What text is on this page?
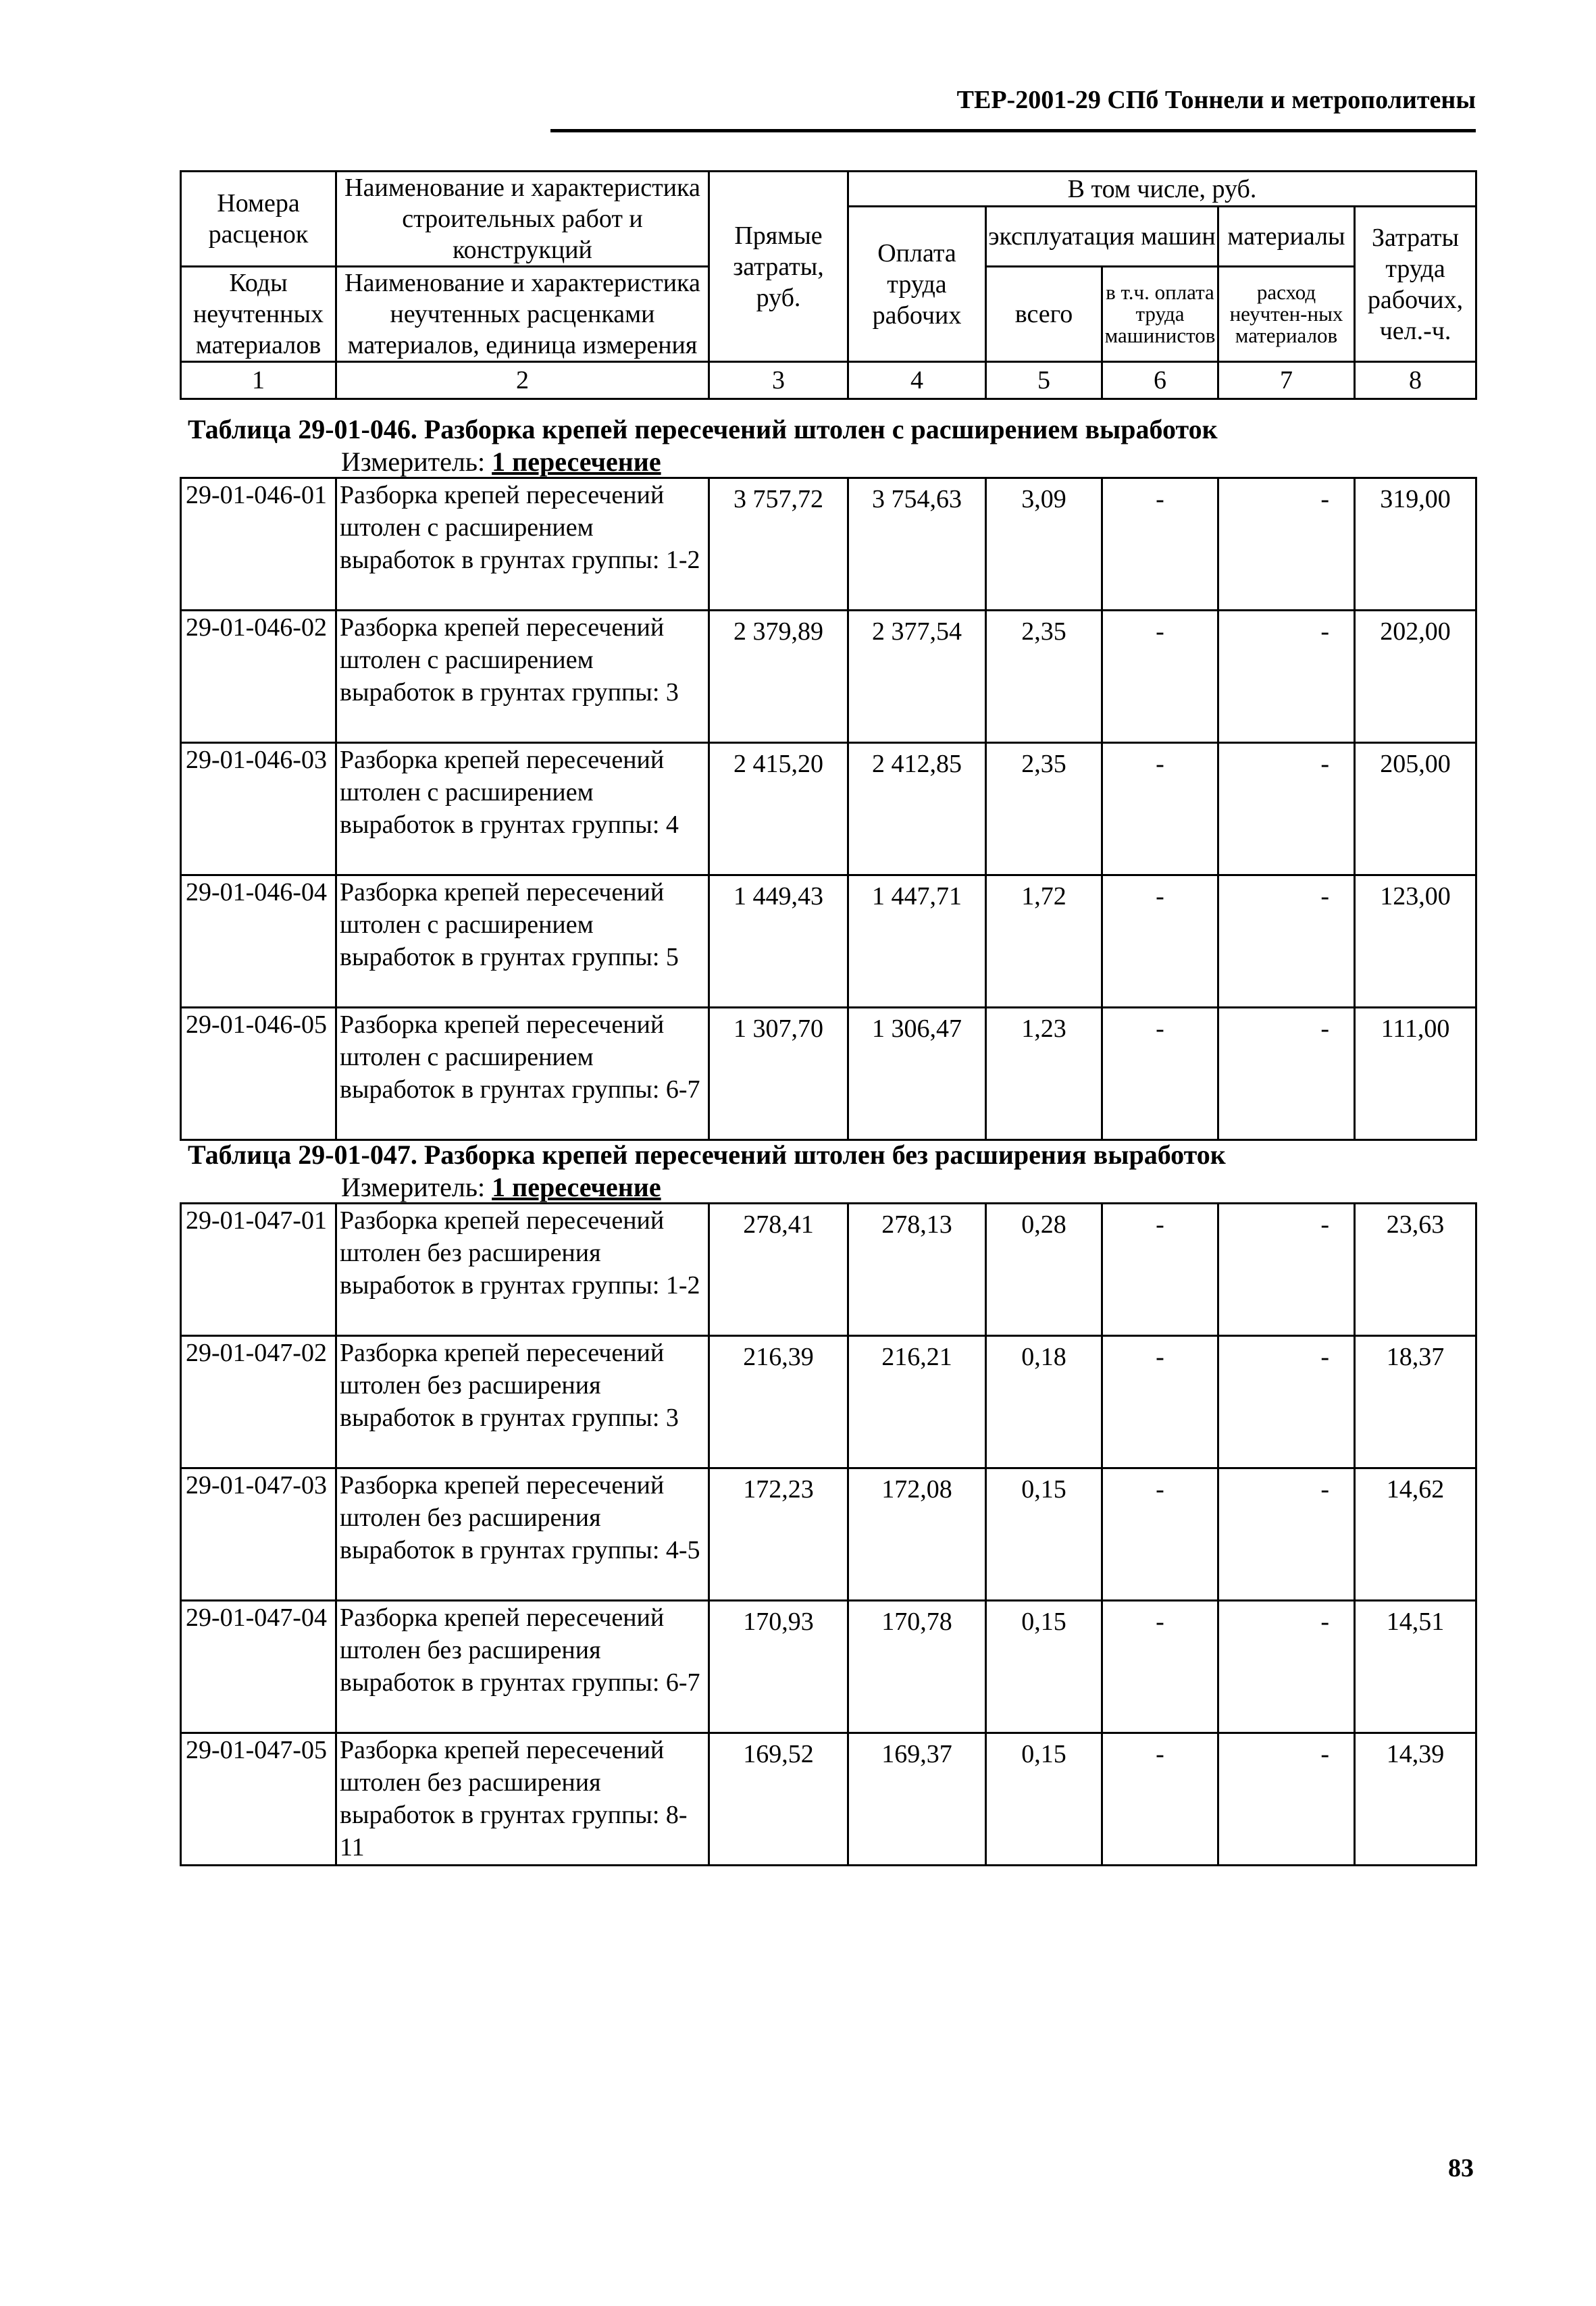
ТЕР-2001-29 СПб Тоннели и метрополитены
Номера расценок	Наименование и характеристика строительных работ и конструкций	Прямые затраты, руб.	В том числе, руб.				
			Оплата труда рабочих	эксплуатация машин		материалы	Затраты труда рабочих, чел.-ч.
Коды неучтенных материалов	Наименование и характеристика неучтенных расценками материалов, единица измерения			всего	в т.ч. оплата труда машинистов	расход неучтен-ных материалов	

1	2	3	4	5	6	7	8
Таблица 29-01-046. Разборка крепей пересечений штолен с расширением выработок
Измеритель: 1 пересечение
29-01-046-01	Разборка крепей пересечений штолен с расширением выработок в грунтах группы: 1-2	3 757,72	3 754,63	3,09	-	-	319,00
29-01-046-02	Разборка крепей пересечений штолен с расширением выработок в грунтах группы: 3	2 379,89	2 377,54	2,35	-	-	202,00
29-01-046-03	Разборка крепей пересечений штолен с расширением выработок в грунтах группы: 4	2 415,20	2 412,85	2,35	-	-	205,00
29-01-046-04	Разборка крепей пересечений штолен с расширением выработок в грунтах группы: 5	1 449,43	1 447,71	1,72	-	-	123,00
29-01-046-05	Разборка крепей пересечений штолен с расширением выработок в грунтах группы: 6-7	1 307,70	1 306,47	1,23	-	-	111,00
Таблица 29-01-047. Разборка крепей пересечений штолен без расширения выработок
Измеритель: 1 пересечение
29-01-047-01	Разборка крепей пересечений штолен без расширения выработок в грунтах группы: 1-2	278,41	278,13	0,28	-	-	23,63
29-01-047-02	Разборка крепей пересечений штолен без расширения выработок в грунтах группы: 3	216,39	216,21	0,18	-	-	18,37
29-01-047-03	Разборка крепей пересечений штолен без расширения выработок в грунтах группы: 4-5	172,23	172,08	0,15	-	-	14,62
29-01-047-04	Разборка крепей пересечений штолен без расширения выработок в грунтах группы: 6-7	170,93	170,78	0,15	-	-	14,51
29-01-047-05	Разборка крепей пересечений штолен без расширения выработок в грунтах группы: 8-11	169,52	169,37	0,15	-	-	14,39
83
